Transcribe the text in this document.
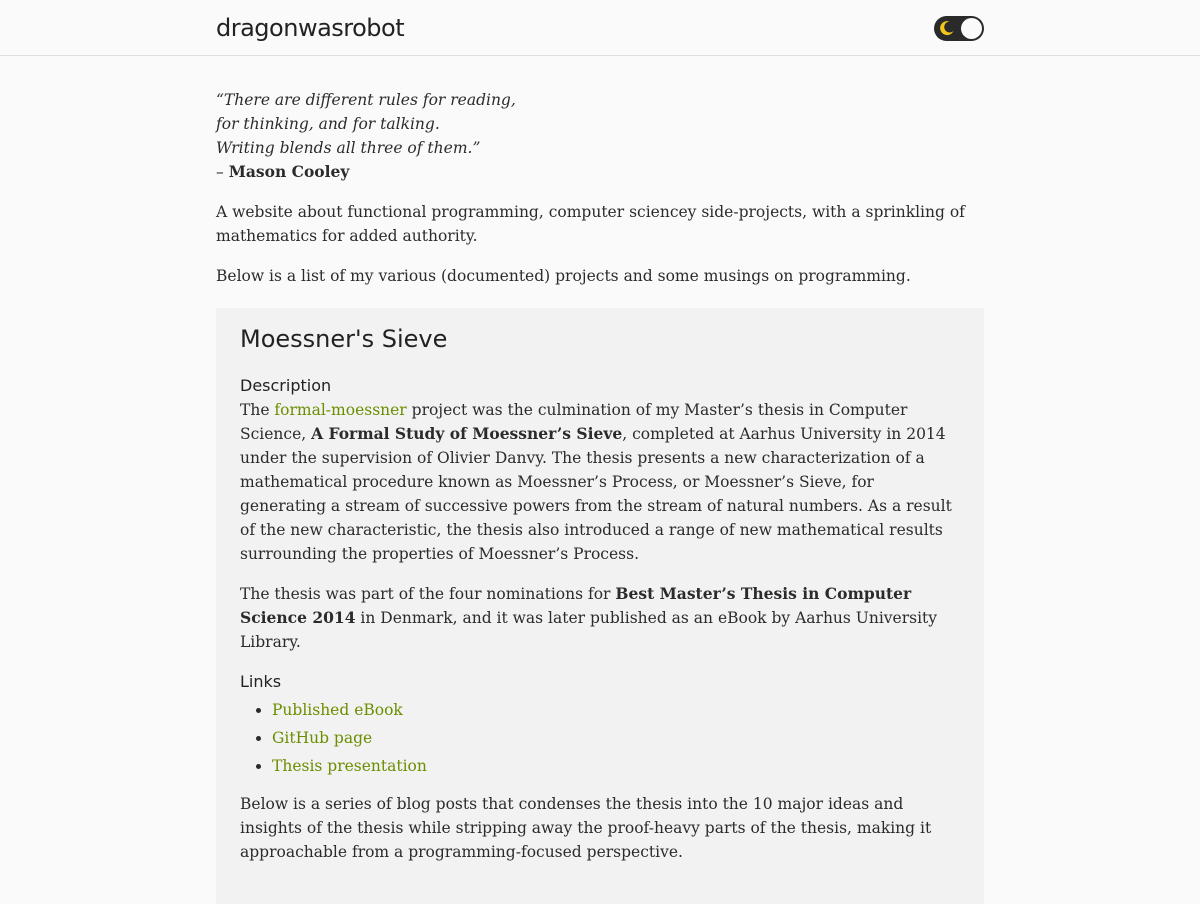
dragonwasrobot

“There are different rules for reading,

for thinking, and for talking.

Writing blends all three of them.”

– Mason Cooley

A website about functional programming, computer sciencey side-projects, with a sprinkling of mathematics for added authority.

Below is a list of my various (documented) projects and some musings on programming.

Moessner's Sieve
Description

The formal-moessner project was the culmination of my Master’s thesis in Computer Science, A Formal Study of Moessner’s Sieve, completed at Aarhus University in 2014 under the supervision of Olivier Danvy. The thesis presents a new characterization of a mathematical procedure known as Moessner’s Process, or Moessner’s Sieve, for generating a stream of successive powers from the stream of natural numbers. As a result of the new characteristic, the thesis also introduced a range of new mathematical results surrounding the properties of Moessner’s Process.

The thesis was part of the four nominations for Best Master’s Thesis in Computer Science 2014 in Denmark, and it was later published as an eBook by Aarhus University Library.

Links
• Published eBook
• GitHub page
• Thesis presentation

Below is a series of blog posts that condenses the thesis into the 10 major ideas and insights of the thesis while stripping away the proof-heavy parts of the thesis, making it approachable from a programming-focused perspective.
